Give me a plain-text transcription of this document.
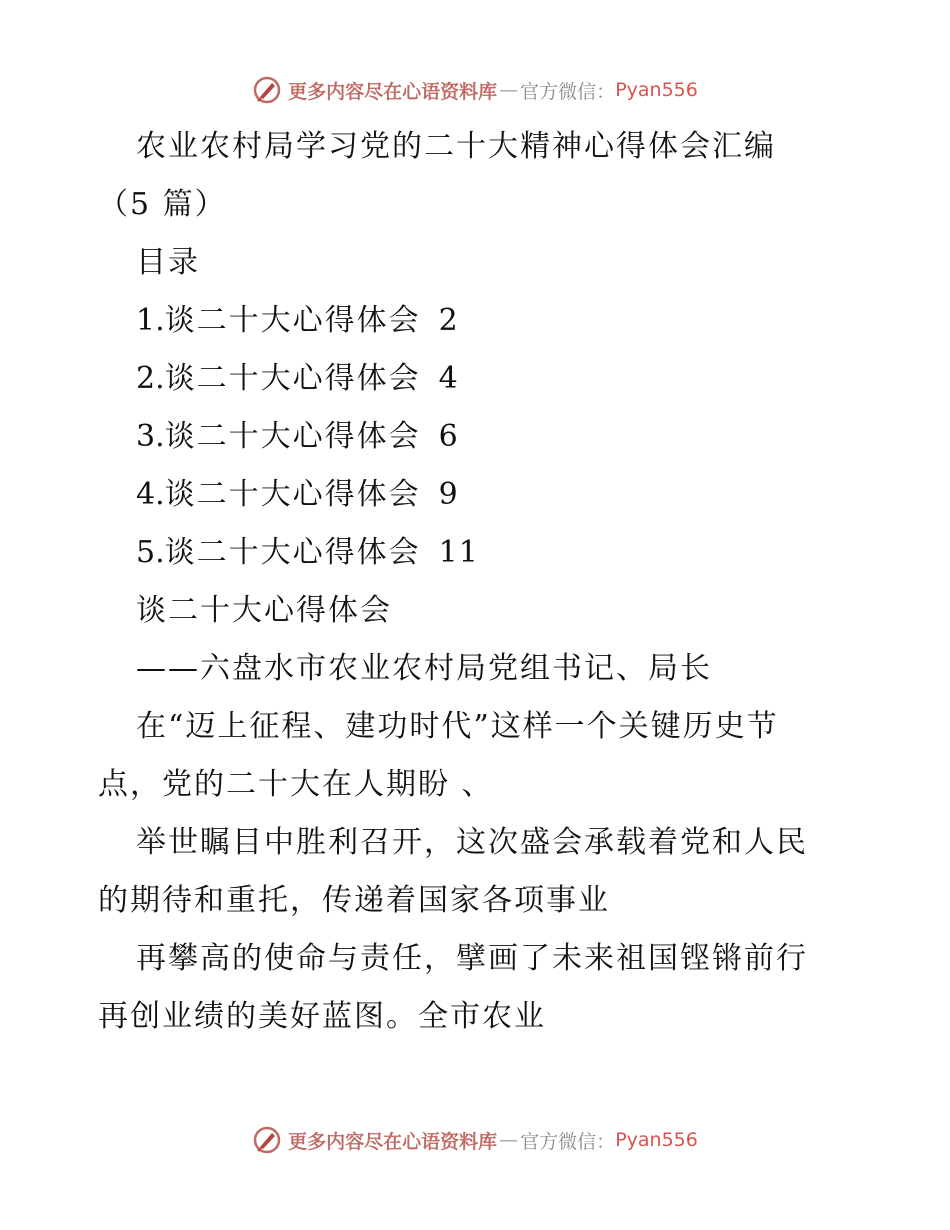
更多内容尽在心语资料库 — 官方微信： Pyan556
农业农村局学习党的二十大精神心得体会汇编
（5 篇）
目录
1.谈二十大心得体会 2
2.谈二十大心得体会 4
3.谈二十大心得体会 6
4.谈二十大心得体会 9
5.谈二十大心得体会 11
谈二十大心得体会
——六盘水市农业农村局党组书记、局长
在“迈上征程、建功时代”这样一个关键历史节
点，党的二十大在人期盼 、
举世瞩目中胜利召开，这次盛会承载着党和人民
的期待和重托，传递着国家各项事业
再攀高的使命与责任，擘画了未来祖国铿锵前行
再创业绩的美好蓝图。全市农业
更多内容尽在心语资料库 — 官方微信： Pyan556
